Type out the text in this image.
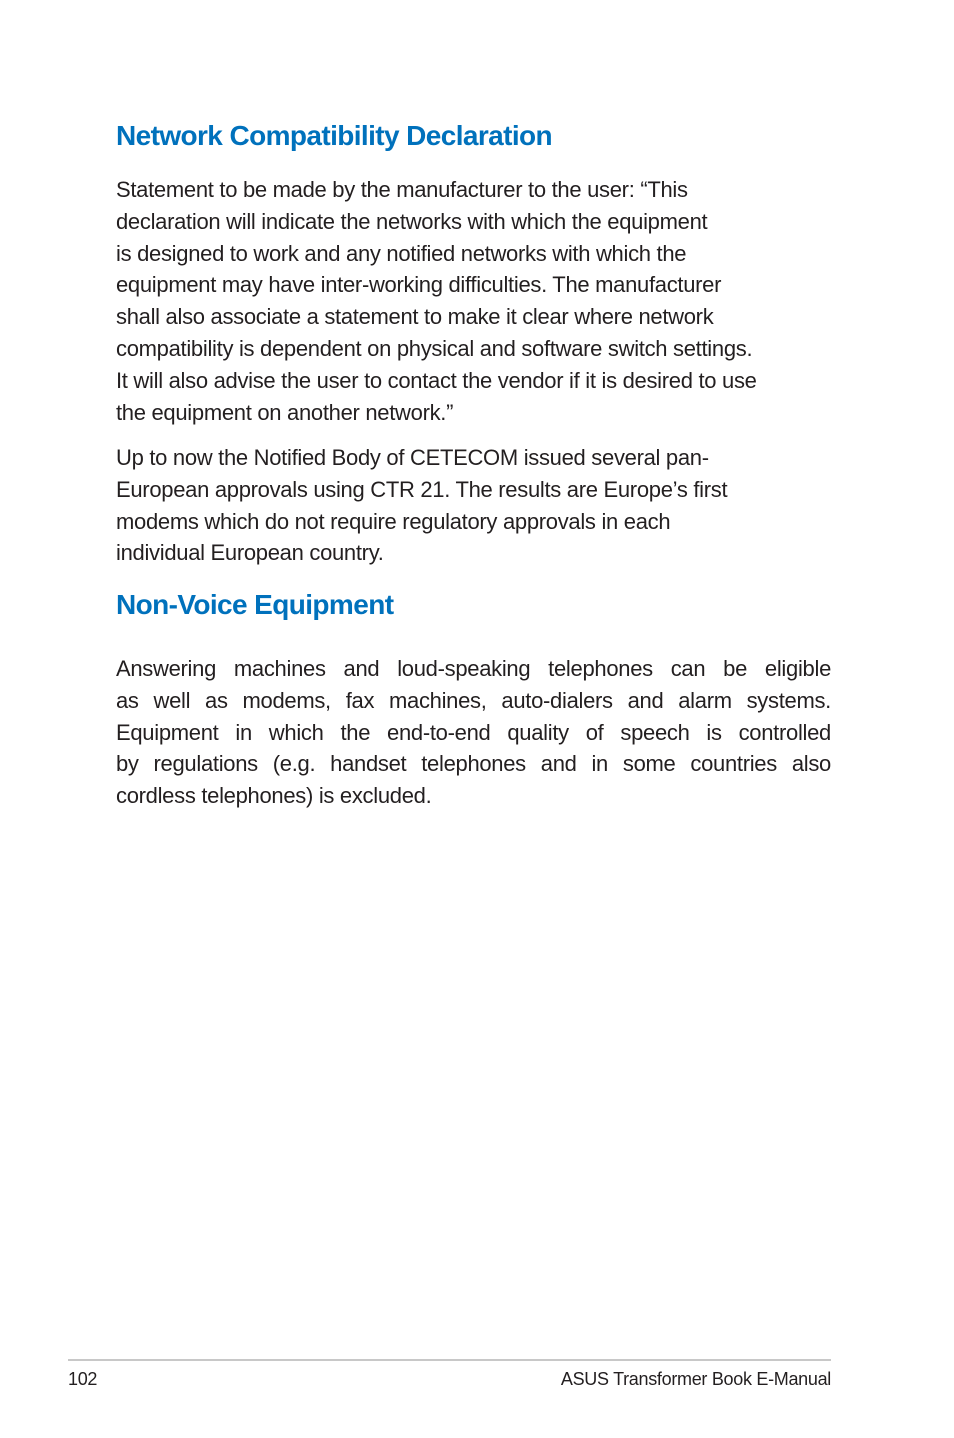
Network Compatibility Declaration
Statement to be made by the manufacturer to the user: “This
declaration will indicate the networks with which the equipment
is designed to work and any notified networks with which the
equipment may have inter-working difficulties. The manufacturer
shall also associate a statement to make it clear where network
compatibility is dependent on physical and software switch settings.
It will also advise the user to contact the vendor if it is desired to use
the equipment on another network.”
Up to now the Notified Body of CETECOM issued several pan-
European approvals using CTR 21. The results are Europe’s first
modems which do not require regulatory approvals in each
individual European country.
Non-Voice Equipment
Answering machines and loud-speaking telephones can be eligible
as well as modems, fax machines, auto-dialers and alarm systems.
Equipment in which the end-to-end quality of speech is controlled
by regulations (e.g. handset telephones and in some countries also
cordless telephones) is excluded.
102	ASUS Transformer Book E-Manual
